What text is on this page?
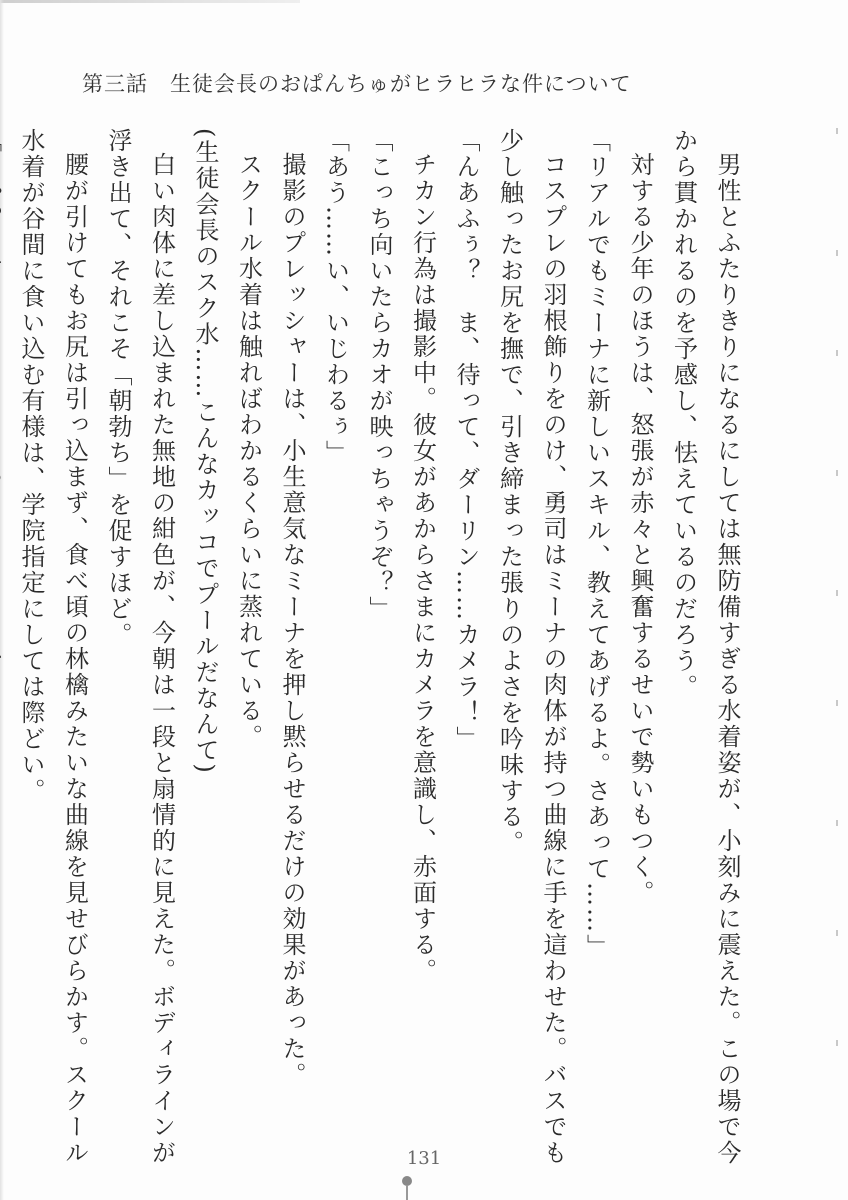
第三話 生徒会長のおぱんちゅがヒラヒラな件について

男性とふたりきりになるにしては無防備すぎる水着姿が、小刻みに震えた。この場で今

から貫かれるのを予感し、怯えているのだろう。

対する少年のほうは、怒張が赤々と興奮するせいで勢いもつく。

「リアルでもミーナに新しいスキル、教えてあげるよ。さあって……」

コスプレの羽根飾りをのけ、勇司はミーナの肉体が持つ曲線に手を這わせた。バスでも

少し触ったお尻を撫で、引き締まった張りのよさを吟味する。

「んあふぅ？　ま、待って、ダーリン……カメラ！」

チカン行為は撮影中。彼女があからさまにカメラを意識し、赤面する。

「こっち向いたらカオが映っちゃうぞ？」

「あう……い、いじわるぅ」

撮影のプレッシャーは、小生意気なミーナを押し黙らせるだけの効果があった。

スクール水着は触ればわかるくらいに蒸れている。

(生徒会長のスク水……こんなカッコでプールだなんて)

白い肉体に差し込まれた無地の紺色が、今朝は一段と扇情的に見えた。ボディラインが

浮き出て、それこそ「朝勃ち」を促すほど。

腰が引けてもお尻は引っ込まず、食べ頃の林檎みたいな曲線を見せびらかす。スクール

水着が谷間に食い込む有様は、学院指定にしては際どい。

131
